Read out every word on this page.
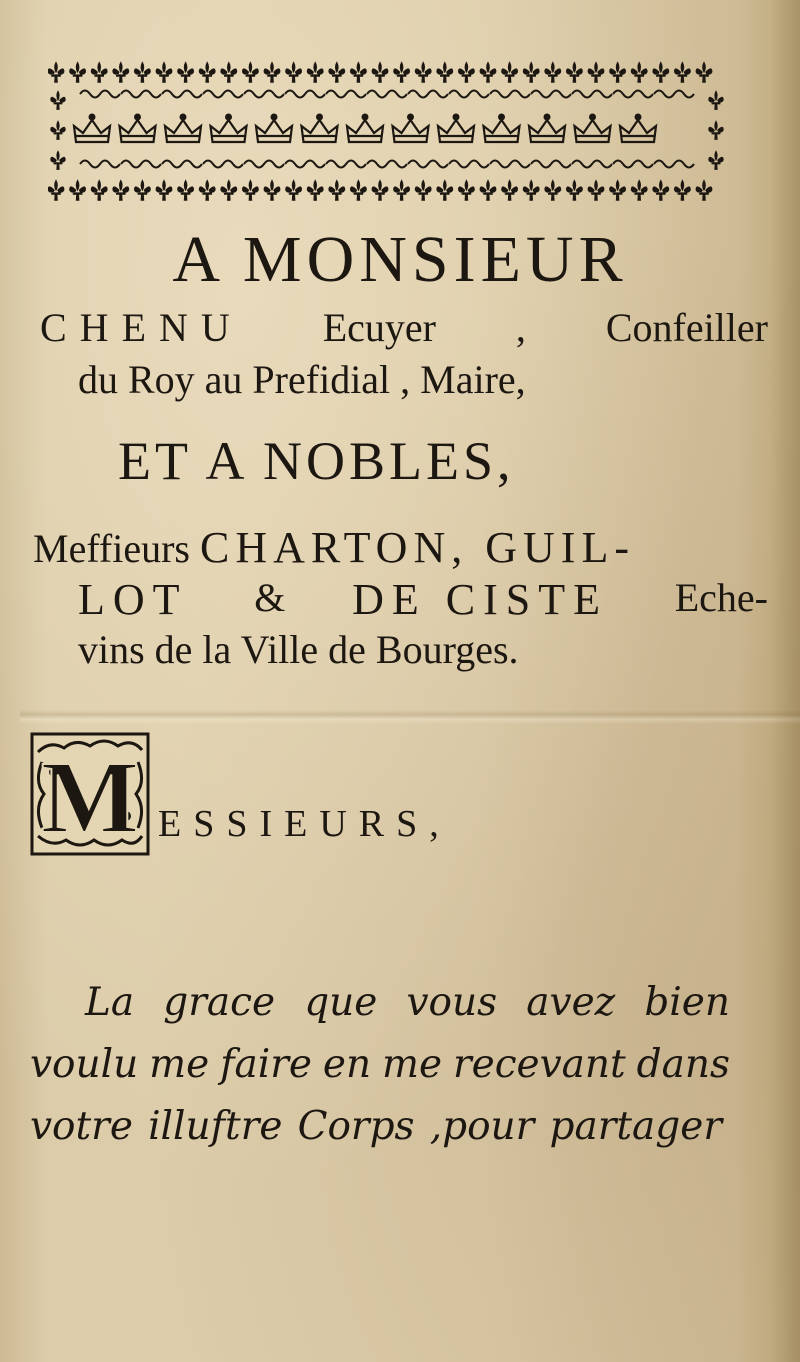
A MONSIEUR
CHENU Ecuyer , Confeiller
du Roy au Prefidial , Maire,
ET A NOBLES,
Meffieurs CHARTON, GUIL-
LOT & DE CISTE Eche-
vins de la Ville de Bourges.
M ESSIEURS,
La grace que vous avez bien
voulu me faire en me recevant dans
votre illuftre Corps ,pour partager
